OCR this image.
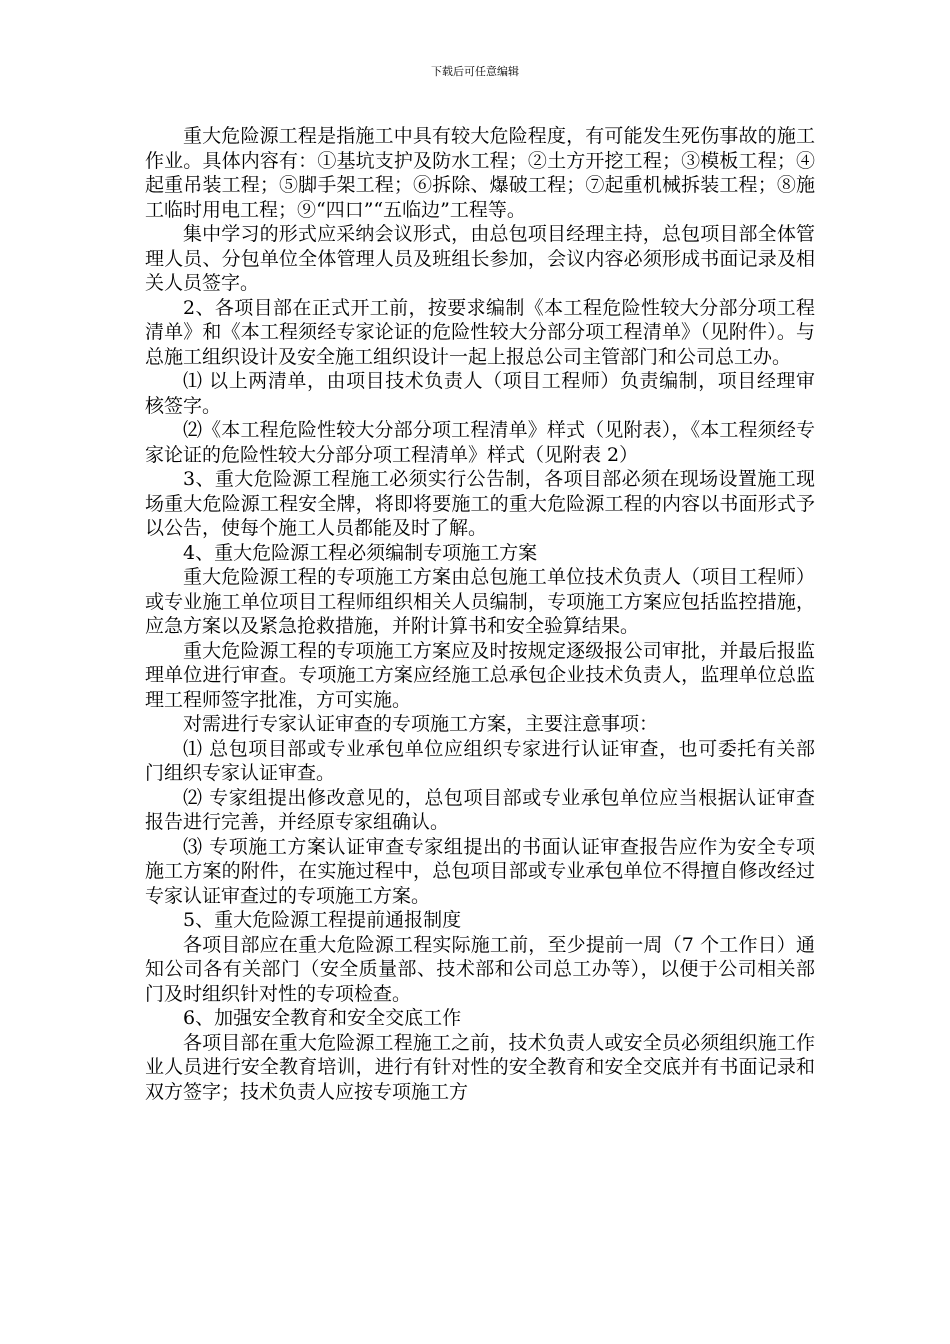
下载后可任意编辑

重大危险源工程是指施工中具有较大危险程度，有可能发生死伤事故的施工作业。具体内容有：①基坑支护及防水工程；②土方开挖工程；③模板工程；④起重吊装工程；⑤脚手架工程；⑥拆除、爆破工程；⑦起重机械拆装工程；⑧施工临时用电工程；⑨“四口”“五临边”工程等。

集中学习的形式应采纳会议形式，由总包项目经理主持，总包项目部全体管理人员、分包单位全体管理人员及班组长参加，会议内容必须形成书面记录及相关人员签字。

2、各项目部在正式开工前，按要求编制《本工程危险性较大分部分项工程清单》和《本工程须经专家论证的危险性较大分部分项工程清单》（见附件）。与总施工组织设计及安全施工组织设计一起上报总公司主管部门和公司总工办。

⑴ 以上两清单，由项目技术负责人（项目工程师）负责编制，项目经理审核签字。

⑵《本工程危险性较大分部分项工程清单》样式（见附表），《本工程须经专家论证的危险性较大分部分项工程清单》样式（见附表 2）

3、重大危险源工程施工必须实行公告制，各项目部必须在现场设置施工现场重大危险源工程安全牌，将即将要施工的重大危险源工程的内容以书面形式予以公告，使每个施工人员都能及时了解。

4、重大危险源工程必须编制专项施工方案

重大危险源工程的专项施工方案由总包施工单位技术负责人（项目工程师）或专业施工单位项目工程师组织相关人员编制，专项施工方案应包括监控措施，应急方案以及紧急抢救措施，并附计算书和安全验算结果。

重大危险源工程的专项施工方案应及时按规定逐级报公司审批，并最后报监理单位进行审查。专项施工方案应经施工总承包企业技术负责人，监理单位总监理工程师签字批准，方可实施。

对需进行专家认证审查的专项施工方案，主要注意事项：

⑴ 总包项目部或专业承包单位应组织专家进行认证审查，也可委托有关部门组织专家认证审查。

⑵ 专家组提出修改意见的，总包项目部或专业承包单位应当根据认证审查报告进行完善，并经原专家组确认。

⑶ 专项施工方案认证审查专家组提出的书面认证审查报告应作为安全专项施工方案的附件，在实施过程中，总包项目部或专业承包单位不得擅自修改经过专家认证审查过的专项施工方案。

5、重大危险源工程提前通报制度

各项目部应在重大危险源工程实际施工前，至少提前一周（7 个工作日）通知公司各有关部门（安全质量部、技术部和公司总工办等），以便于公司相关部门及时组织针对性的专项检查。

6、加强安全教育和安全交底工作

各项目部在重大危险源工程施工之前，技术负责人或安全员必须组织施工作业人员进行安全教育培训，进行有针对性的安全教育和安全交底并有书面记录和双方签字；技术负责人应按专项施工方
